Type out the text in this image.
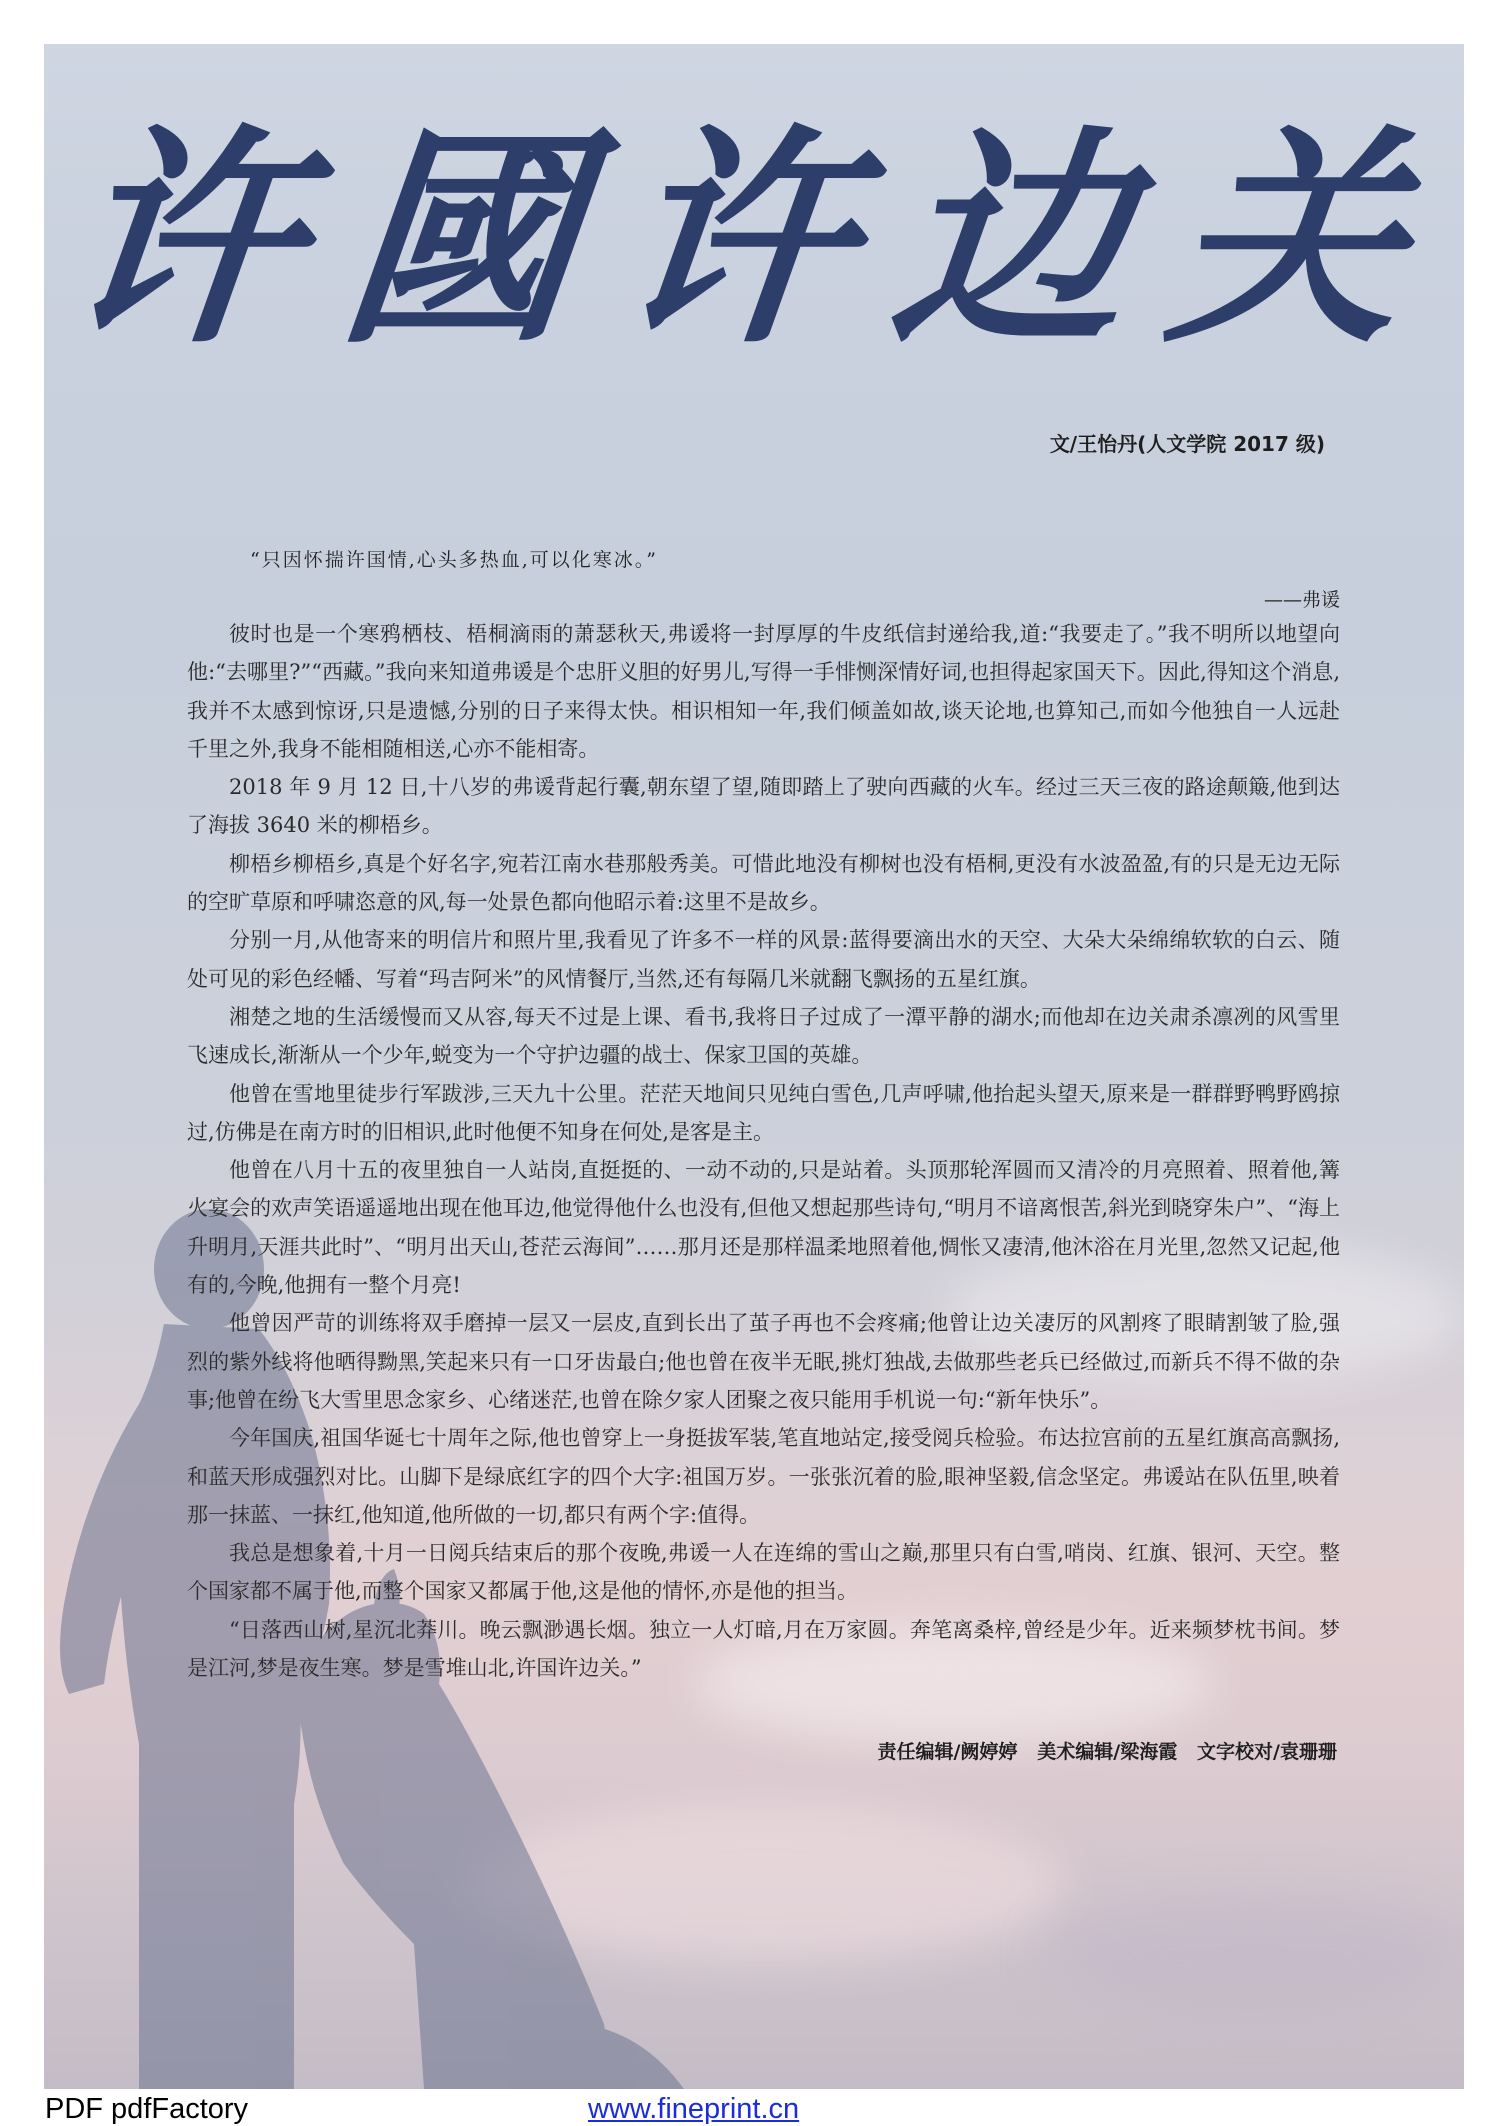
许 國 许 边 关
文/王怡丹(人文学院 2017 级)
“只因怀揣许国情,心头多热血,可以化寒冰。”
——弗谖

彼时也是一个寒鸦栖枝、梧桐滴雨的萧瑟秋天,弗谖将一封厚厚的牛皮纸信封递给我,道:“我要走了。”我不明所以地望向他:“去哪里?”“西藏。”我向来知道弗谖是个忠肝义胆的好男儿,写得一手悱恻深情好词,也担得起家国天下。因此,得知这个消息,我并不太感到惊讶,只是遗憾,分别的日子来得太快。相识相知一年,我们倾盖如故,谈天论地,也算知己,而如今他独自一人远赴千里之外,我身不能相随相送,心亦不能相寄。

2018 年 9 月 12 日,十八岁的弗谖背起行囊,朝东望了望,随即踏上了驶向西藏的火车。经过三天三夜的路途颠簸,他到达了海拔 3640 米的柳梧乡。

柳梧乡柳梧乡,真是个好名字,宛若江南水巷那般秀美。可惜此地没有柳树也没有梧桐,更没有水波盈盈,有的只是无边无际的空旷草原和呼啸恣意的风,每一处景色都向他昭示着:这里不是故乡。

分别一月,从他寄来的明信片和照片里,我看见了许多不一样的风景:蓝得要滴出水的天空、大朵大朵绵绵软软的白云、随处可见的彩色经幡、写着“玛吉阿米”的风情餐厅,当然,还有每隔几米就翻飞飘扬的五星红旗。

湘楚之地的生活缓慢而又从容,每天不过是上课、看书,我将日子过成了一潭平静的湖水;而他却在边关肃杀凛冽的风雪里飞速成长,渐渐从一个少年,蜕变为一个守护边疆的战士、保家卫国的英雄。

他曾在雪地里徒步行军跋涉,三天九十公里。茫茫天地间只见纯白雪色,几声呼啸,他抬起头望天,原来是一群群野鸭野鸥掠过,仿佛是在南方时的旧相识,此时他便不知身在何处,是客是主。

他曾在八月十五的夜里独自一人站岗,直挺挺的、一动不动的,只是站着。头顶那轮浑圆而又清冷的月亮照着、照着他,篝火宴会的欢声笑语遥遥地出现在他耳边,他觉得他什么也没有,但他又想起那些诗句,“明月不谙离恨苦,斜光到晓穿朱户”、“海上升明月,天涯共此时”、“明月出天山,苍茫云海间”……那月还是那样温柔地照着他,惆怅又凄清,他沐浴在月光里,忽然又记起,他有的,今晚,他拥有一整个月亮!

他曾因严苛的训练将双手磨掉一层又一层皮,直到长出了茧子再也不会疼痛;他曾让边关凄厉的风割疼了眼睛割皱了脸,强烈的紫外线将他晒得黝黑,笑起来只有一口牙齿最白;他也曾在夜半无眠,挑灯独战,去做那些老兵已经做过,而新兵不得不做的杂事;他曾在纷飞大雪里思念家乡、心绪迷茫,也曾在除夕家人团聚之夜只能用手机说一句:“新年快乐”。

今年国庆,祖国华诞七十周年之际,他也曾穿上一身挺拔军装,笔直地站定,接受阅兵检验。布达拉宫前的五星红旗高高飘扬,和蓝天形成强烈对比。山脚下是绿底红字的四个大字:祖国万岁。一张张沉着的脸,眼神坚毅,信念坚定。弗谖站在队伍里,映着那一抹蓝、一抹红,他知道,他所做的一切,都只有两个字:值得。

我总是想象着,十月一日阅兵结束后的那个夜晚,弗谖一人在连绵的雪山之巅,那里只有白雪,哨岗、红旗、银河、天空。整个国家都不属于他,而整个国家又都属于他,这是他的情怀,亦是他的担当。

“日落西山树,星沉北莽川。晚云飘渺遇长烟。独立一人灯暗,月在万家圆。奔笔离桑梓,曾经是少年。近来频梦枕书间。梦是江河,梦是夜生寒。梦是雪堆山北,许国许边关。”

责任编辑/阙婷婷   美术编辑/梁海霞   文字校对/袁珊珊
PDF pdfFactory	www.fineprint.cn
